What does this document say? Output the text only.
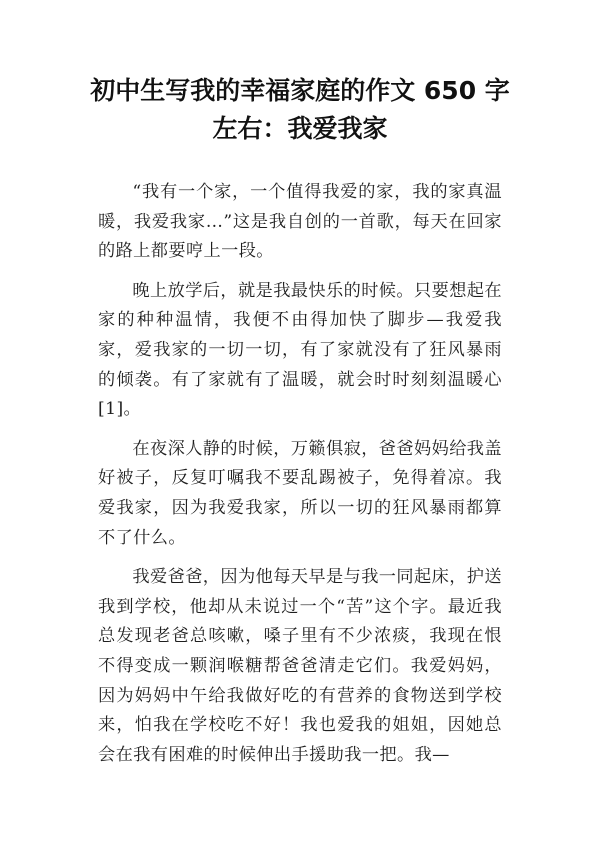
初中生写我的幸福家庭的作文 650 字
左右：我爱我家

“我有一个家，一个值得我爱的家，我的家真温暖，我爱我家…”这是我自创的一首歌，每天在回家的路上都要哼上一段。

晚上放学后，就是我最快乐的时候。只要想起在家的种种温情，我便不由得加快了脚步—我爱我家，爱我家的一切一切，有了家就没有了狂风暴雨的倾袭。有了家就有了温暖，就会时时刻刻温暖心[1]。

在夜深人静的时候，万籁俱寂，爸爸妈妈给我盖好被子，反复叮嘱我不要乱踢被子，免得着凉。我爱我家，因为我爱我家，所以一切的狂风暴雨都算不了什么。

我爱爸爸，因为他每天早是与我一同起床，护送我到学校，他却从未说过一个“苦”这个字。最近我总发现老爸总咳嗽，嗓子里有不少浓痰，我现在恨不得变成一颗润喉糖帮爸爸清走它们。我爱妈妈，因为妈妈中午给我做好吃的有营养的食物送到学校来，怕我在学校吃不好！我也爱我的姐姐，因她总会在我有困难的时候伸出手援助我一把。我—
